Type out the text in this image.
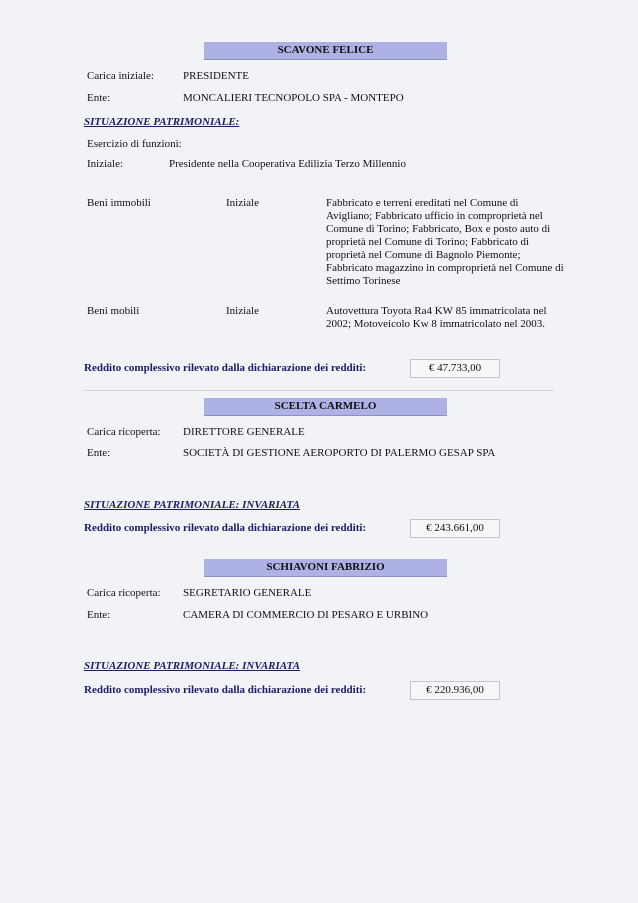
SCAVONE FELICE
Carica iniziale:	PRESIDENTE
Ente:	MONCALIERI TECNOPOLO SPA - MONTEPO
SITUAZIONE PATRIMONIALE:
Esercizio di funzioni:
Iniziale:	Presidente nella Cooperativa Edilizia Terzo Millennio
Beni immobili	Iniziale	Fabbricato e terreni ereditati nel Comune di Avigliano; Fabbricato ufficio in comproprietà nel Comune di Torino; Fabbricato, Box e posto auto di proprietà nel Comune di Torino; Fabbricato di proprietà nel Comune di Bagnolo Piemonte; Fabbricato magazzino in comproprietà nel Comune di Settimo Torinese
Beni mobili	Iniziale	Autovettura Toyota Ra4 KW 85 immatricolata nel 2002; Motoveicolo Kw 8 immatricolato nel 2003.
Reddito complessivo rilevato dalla dichiarazione dei redditi:	€ 47.733,00
SCELTA CARMELO
Carica ricoperta: DIRETTORE GENERALE
Ente:	SOCIETÀ DI GESTIONE AEROPORTO DI PALERMO GESAP SPA
SITUAZIONE PATRIMONIALE: INVARIATA
Reddito complessivo rilevato dalla dichiarazione dei redditi:	€ 243.661,00
SCHIAVONI FABRIZIO
Carica ricoperta: SEGRETARIO GENERALE
Ente:	CAMERA DI COMMERCIO DI PESARO E URBINO
SITUAZIONE PATRIMONIALE: INVARIATA
Reddito complessivo rilevato dalla dichiarazione dei redditi:	€ 220.936,00
